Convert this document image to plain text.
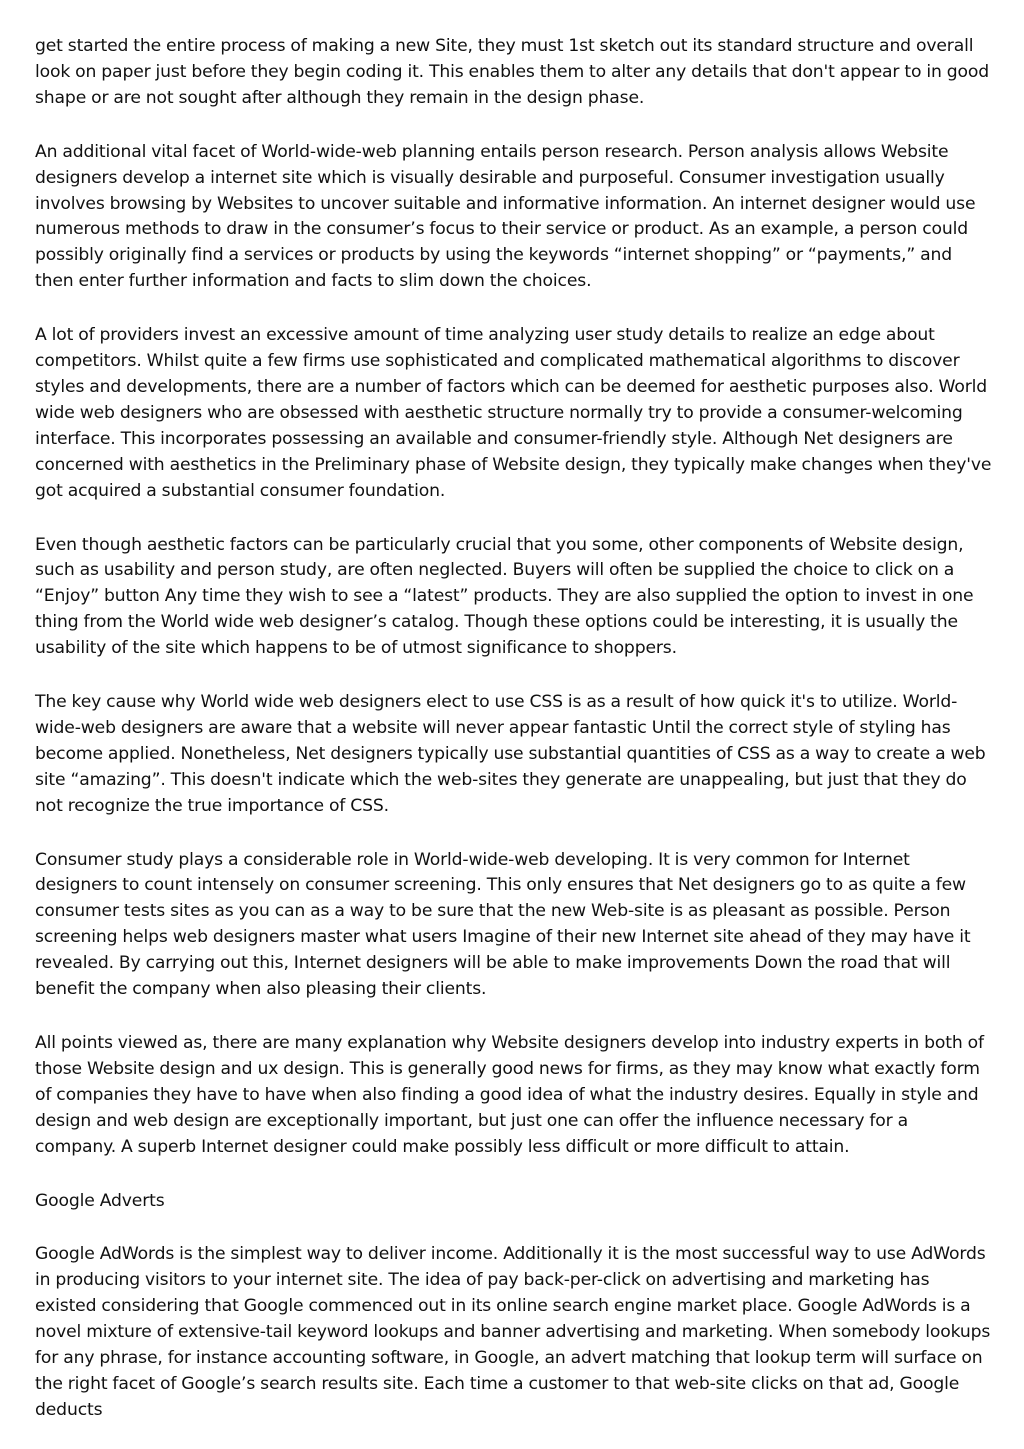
get started the entire process of making a new Site, they must 1st sketch out its standard structure and overall look on paper just before they begin coding it. This enables them to alter any details that don't appear to in good shape or are not sought after although they remain in the design phase.

An additional vital facet of World-wide-web planning entails person research. Person analysis allows Website designers develop a internet site which is visually desirable and purposeful. Consumer investigation usually involves browsing by Websites to uncover suitable and informative information. An internet designer would use numerous methods to draw in the consumer’s focus to their service or product. As an example, a person could possibly originally find a services or products by using the keywords “internet shopping” or “payments,” and then enter further information and facts to slim down the choices.

A lot of providers invest an excessive amount of time analyzing user study details to realize an edge about competitors. Whilst quite a few firms use sophisticated and complicated mathematical algorithms to discover styles and developments, there are a number of factors which can be deemed for aesthetic purposes also. World wide web designers who are obsessed with aesthetic structure normally try to provide a consumer-welcoming interface. This incorporates possessing an available and consumer-friendly style. Although Net designers are concerned with aesthetics in the Preliminary phase of Website design, they typically make changes when they've got acquired a substantial consumer foundation.

Even though aesthetic factors can be particularly crucial that you some, other components of Website design, such as usability and person study, are often neglected. Buyers will often be supplied the choice to click on a “Enjoy” button Any time they wish to see a “latest” products. They are also supplied the option to invest in one thing from the World wide web designer’s catalog. Though these options could be interesting, it is usually the usability of the site which happens to be of utmost significance to shoppers.

The key cause why World wide web designers elect to use CSS is as a result of how quick it's to utilize. World-wide-web designers are aware that a website will never appear fantastic Until the correct style of styling has become applied. Nonetheless, Net designers typically use substantial quantities of CSS as a way to create a web site “amazing”. This doesn't indicate which the web-sites they generate are unappealing, but just that they do not recognize the true importance of CSS.

Consumer study plays a considerable role in World-wide-web developing. It is very common for Internet designers to count intensely on consumer screening. This only ensures that Net designers go to as quite a few consumer tests sites as you can as a way to be sure that the new Web-site is as pleasant as possible. Person screening helps web designers master what users Imagine of their new Internet site ahead of they may have it revealed. By carrying out this, Internet designers will be able to make improvements Down the road that will benefit the company when also pleasing their clients.

All points viewed as, there are many explanation why Website designers develop into industry experts in both of those Website design and ux design. This is generally good news for firms, as they may know what exactly form of companies they have to have when also finding a good idea of what the industry desires. Equally in style and design and web design are exceptionally important, but just one can offer the influence necessary for a company. A superb Internet designer could make possibly less difficult or more difficult to attain.

Google Adverts

Google AdWords is the simplest way to deliver income. Additionally it is the most successful way to use AdWords in producing visitors to your internet site. The idea of pay back-per-click on advertising and marketing has existed considering that Google commenced out in its online search engine market place. Google AdWords is a novel mixture of extensive-tail keyword lookups and banner advertising and marketing. When somebody lookups for any phrase, for instance accounting software, in Google, an advert matching that lookup term will surface on the right facet of Google’s search results site. Each time a customer to that web-site clicks on that ad, Google deducts
